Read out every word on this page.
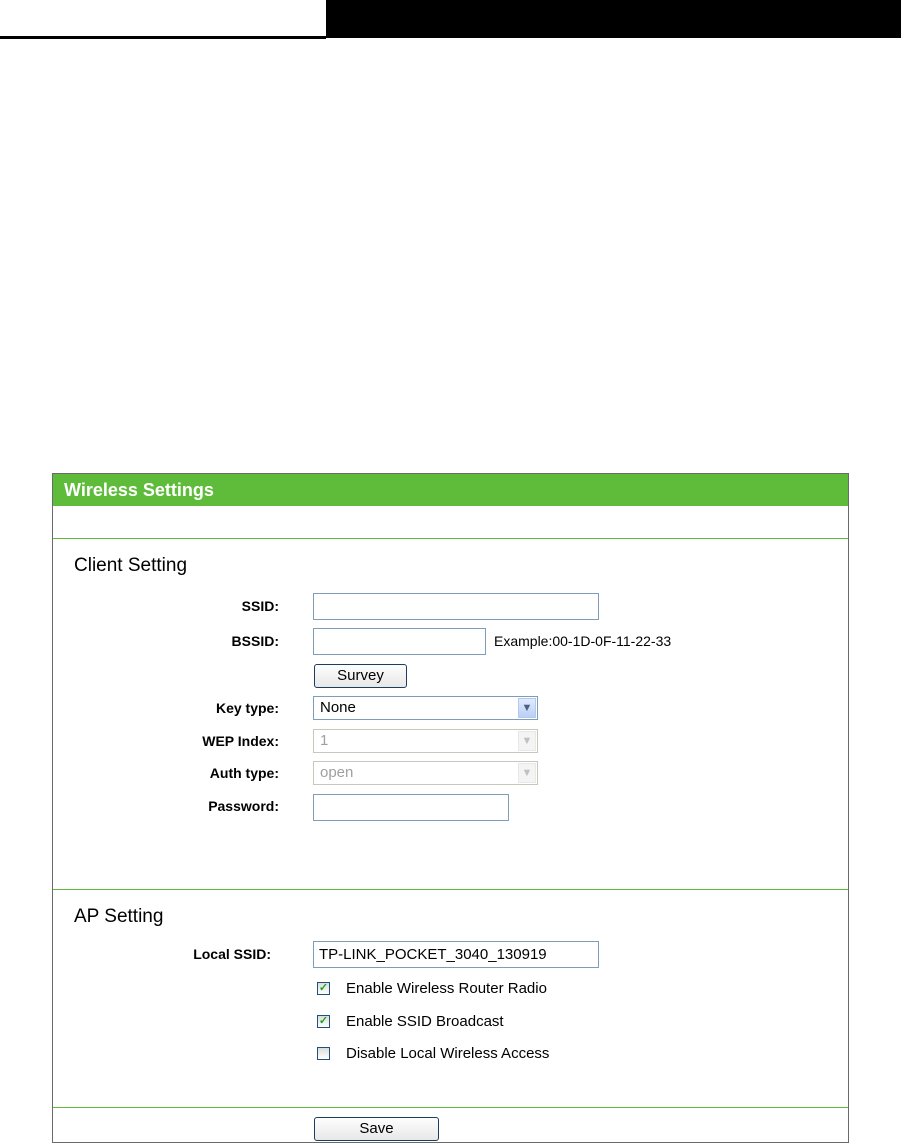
Wireless Settings
Client Setting
SSID:
BSSID:	Example:00-1D-0F-11-22-33
Survey
Key type:	None	▼
WEP Index:	1	▼
Auth type:	open	▼
Password:
AP Setting
Local SSID:
TP-LINK_POCKET_3040_130919
✓ Enable Wireless Router Radio
✓ Enable SSID Broadcast
Disable Local Wireless Access
Save
